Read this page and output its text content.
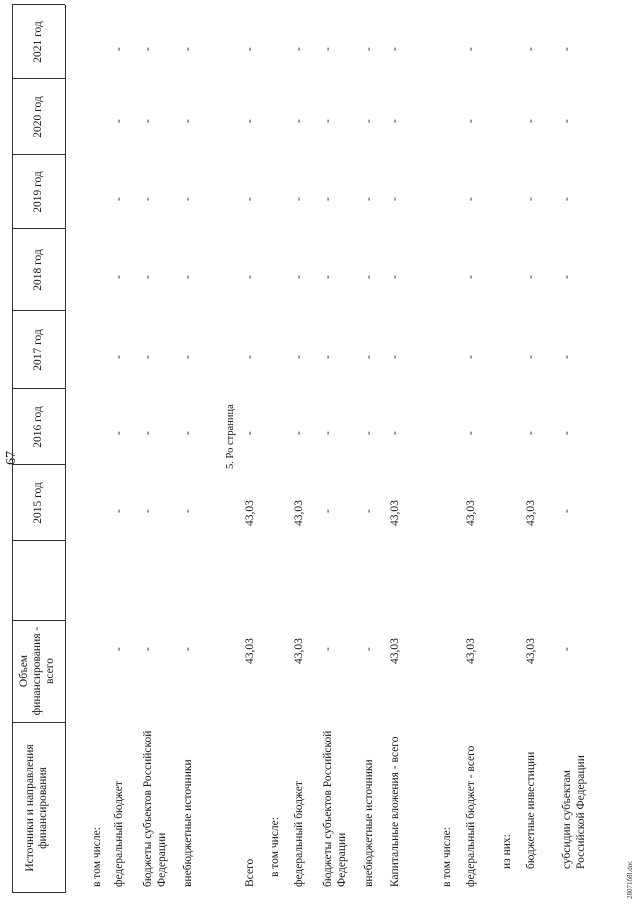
67
Источники и направления финансирования
Объем финансирования - всего
2015 год
2016 год
2017 год
2018 год
2019 год
2020 год
2021 год
5. Ро страница
в том числе: федеральный бюджет
-
-
-
-
-
-
-
-
бюджеты субъектов Российской Федерации
-
-
-
-
-
-
-
-
внебюджетные источники
-
-
-
-
-
-
-
-
Всего
43,03
43,03
-
-
-
-
-
-
в том числе: федеральный бюджет
43,03
43,03
-
-
-
-
-
-
бюджеты субъектов Российской Федерации
-
-
-
-
-
-
-
-
внебюджетные источники
-
-
-
-
-
-
-
-
Капитальные вложения - всего
43,03
43,03
-
-
-
-
-
-
в том числе: федеральный бюджет - всего
43,03
43,03
-
-
-
-
-
-
из них: бюджетные инвестиции
43,03
43,03
-
-
-
-
-
-
субсидии субъектам Российской Федерации
-
-
-
-
-
-
-
-
28071б8l.doc
